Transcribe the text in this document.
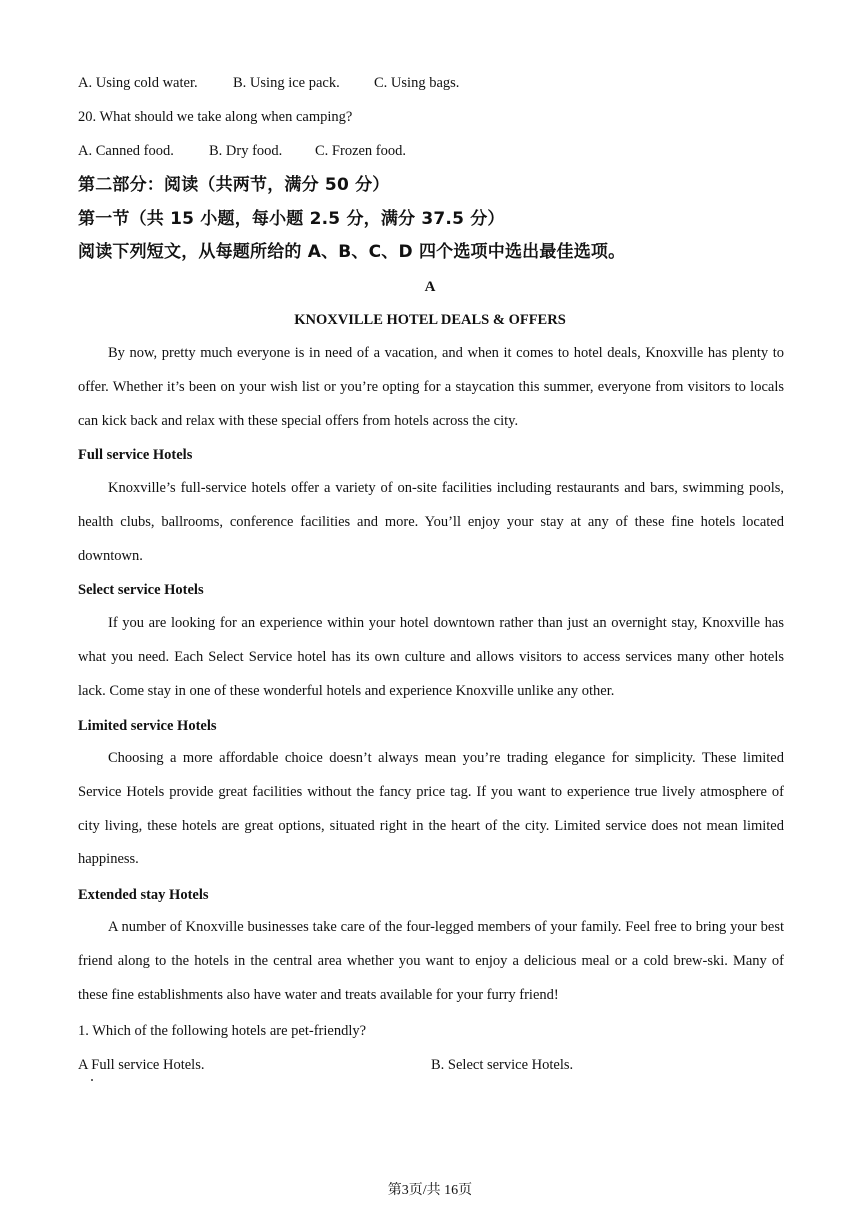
A. Using cold water. B. Using ice pack. C. Using bags.
20. What should we take along when camping?
A. Canned food. B. Dry food. C. Frozen food.
第二部分：阅读（共两节，满分 50 分）
第一节（共 15 小题，每小题 2.5 分，满分 37.5 分）
阅读下列短文，从每题所给的 A、B、C、D 四个选项中选出最佳选项。
A
KNOXVILLE HOTEL DEALS & OFFERS

By now, pretty much everyone is in need of a vacation, and when it comes to hotel deals, Knoxville has plenty to offer. Whether it’s been on your wish list or you’re opting for a staycation this summer, everyone from visitors to locals can kick back and relax with these special offers from hotels across the city.

Full service Hotels

Knoxville’s full-service hotels offer a variety of on-site facilities including restaurants and bars, swimming pools, health clubs, ballrooms, conference facilities and more. You’ll enjoy your stay at any of these fine hotels located downtown.

Select service Hotels

If you are looking for an experience within your hotel downtown rather than just an overnight stay, Knoxville has what you need. Each Select Service hotel has its own culture and allows visitors to access services many other hotels lack. Come stay in one of these wonderful hotels and experience Knoxville unlike any other.

Limited service Hotels

Choosing a more affordable choice doesn’t always mean you’re trading elegance for simplicity. These limited Service Hotels provide great facilities without the fancy price tag. If you want to experience true lively atmosphere of city living, these hotels are great options, situated right in the heart of the city. Limited service does not mean limited happiness.

Extended stay Hotels

A number of Knoxville businesses take care of the four-legged members of your family. Feel free to bring your best friend along to the hotels in the central area whether you want to enjoy a delicious meal or a cold brew-ski. Many of these fine establishments also have water and treats available for your furry friend!

1. Which of the following hotels are pet-friendly?
A Full service Hotels.	B. Select service Hotels.
第3页/共 16页
